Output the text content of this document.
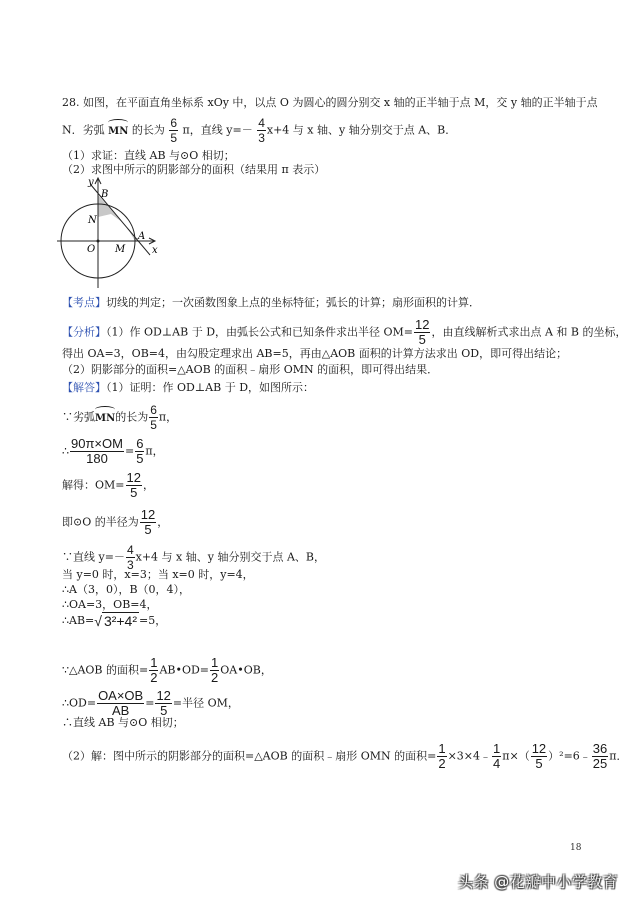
28. 如图，在平面直角坐标系 xOy 中，以点 O 为圆心的圆分别交 x 轴的正半轴于点 M，交 y 轴的正半轴于点
N．劣弧 MN 的长为 $\frac{6}{5}$ π，直线 $y=- \frac{4}{3} x+4$ 与 x 轴、y 轴分别交于点 A、B．
（1）求证：直线 AB 与⊙O 相切；
（2）求图中所示的阴影部分的面积（结果用 π 表示）
y
B
N
O M
A
x
【考点】切线的判定；一次函数图象上点的坐标特征；弧长的计算；扇形面积的计算．
【分析】（1）作 OD⊥AB 于 D，由弧长公式和已知条件求出半径 $OM= \frac{12}{5}$ ，由直线解析式求出点 A 和 B 的坐标，
得出 OA=3，OB=4，由勾股定理求出 AB=5，再由△AOB 面积的计算方法求出 OD，即可得出结论；
（2）阴影部分的面积=△AOB 的面积﹣扇形 OMN 的面积，即可得出结果．
【解答】（1）证明：作 OD⊥AB 于 D，如图所示：
∵劣弧MN的长为 $\frac{6}{5}$ π，
∴ $\frac{90\pi\times OM}{180} = \frac{6}{5}$ π，
解得：$OM= \frac{12}{5}$ ，
即⊙O 的半径为 $\frac{12}{5}$ ，
∵直线 $y=- \frac{4}{3} x+4$ 与 x 轴、y 轴分别交于点 A、B，
当 y=0 时，x=3；当 x=0 时，y=4，
∴A（3，0），B（0，4），
∴OA=3，OB=4，
∴AB=√ 3²+4² =5，
∵△AOB 的面积= $\frac{1}{2}$ AB•OD= $\frac{1}{2}$ OA•OB，
∴OD= $\frac{OA\times OB}{AB} = \frac{12}{5}$ =半径 OM，
∴直线 AB 与⊙O 相切；
（2）解：图中所示的阴影部分的面积=△AOB 的面积﹣扇形 OMN 的面积= $\frac{1}{2}$ ×3×4﹣ $\frac{1}{4} \pi\times( \frac{12}{5}$ ）²=6﹣ $\frac{36}{25}$ π．
18
头条 @花瓣中小学教育
